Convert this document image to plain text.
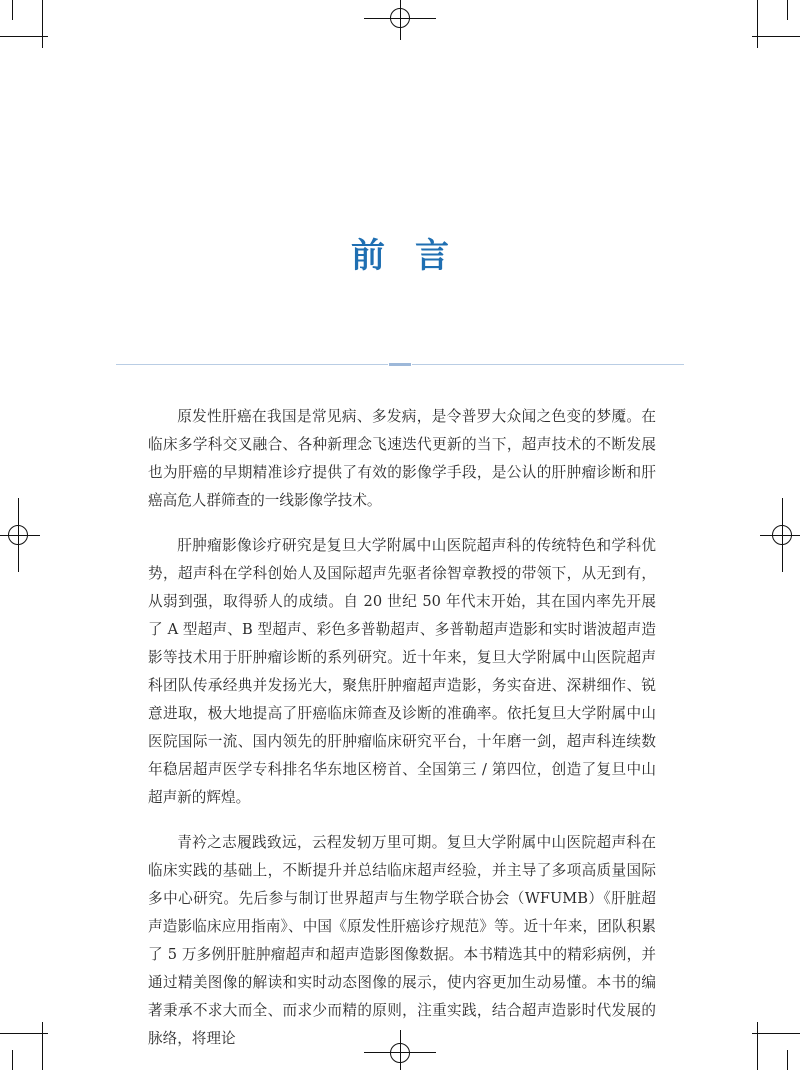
前言

原发性肝癌在我国是常见病、多发病，是令普罗大众闻之色变的梦魇。在临床多学科交叉融合、各种新理念飞速迭代更新的当下，超声技术的不断发展也为肝癌的早期精准诊疗提供了有效的影像学手段，是公认的肝肿瘤诊断和肝癌高危人群筛查的一线影像学技术。

肝肿瘤影像诊疗研究是复旦大学附属中山医院超声科的传统特色和学科优势，超声科在学科创始人及国际超声先驱者徐智章教授的带领下，从无到有，从弱到强，取得骄人的成绩。自 20 世纪 50 年代末开始，其在国内率先开展了 A 型超声、B 型超声、彩色多普勒超声、多普勒超声造影和实时谐波超声造影等技术用于肝肿瘤诊断的系列研究。近十年来，复旦大学附属中山医院超声科团队传承经典并发扬光大，聚焦肝肿瘤超声造影，务实奋进、深耕细作、锐意进取，极大地提高了肝癌临床筛查及诊断的准确率。依托复旦大学附属中山医院国际一流、国内领先的肝肿瘤临床研究平台，十年磨一剑，超声科连续数年稳居超声医学专科排名华东地区榜首、全国第三 / 第四位，创造了复旦中山超声新的辉煌。

青衿之志履践致远，云程发轫万里可期。复旦大学附属中山医院超声科在临床实践的基础上，不断提升并总结临床超声经验，并主导了多项高质量国际多中心研究。先后参与制订世界超声与生物学联合协会（WFUMB）《肝脏超声造影临床应用指南》、中国《原发性肝癌诊疗规范》等。近十年来，团队积累了 5 万多例肝脏肿瘤超声和超声造影图像数据。本书精选其中的精彩病例，并通过精美图像的解读和实时动态图像的展示，使内容更加生动易懂。本书的编著秉承不求大而全、而求少而精的原则，注重实践，结合超声造影时代发展的脉络，将理论
